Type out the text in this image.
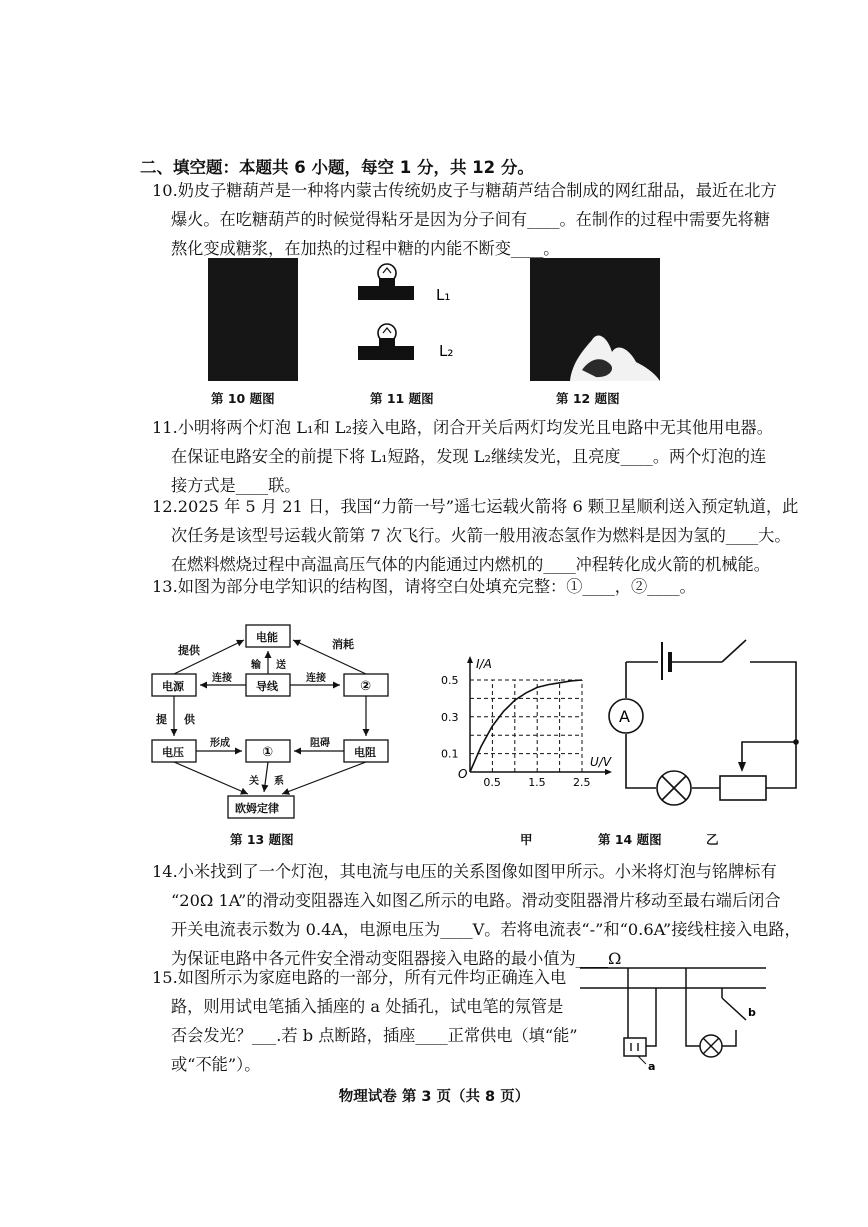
二、填空题：本题共 6 小题，每空 1 分，共 12 分。
10.奶皮子糖葫芦是一种将内蒙古传统奶皮子与糖葫芦结合制成的网红甜品，最近在北方
爆火。在吃糖葫芦的时候觉得粘牙是因为分子间有____。在制作的过程中需要先将糖
熬化变成糖浆，在加热的过程中糖的内能不断变____。
第 10 题图
L₁
L₂
第 11 题图	第 12 题图
11.小明将两个灯泡 L₁和 L₂接入电路，闭合开关后两灯均发光且电路中无其他用电器。
在保证电路安全的前提下将 L₁短路，发现 L₂继续发光，且亮度____。两个灯泡的连
接方式是____联。
12.2025 年 5 月 21 日，我国“力箭一号”遥七运载火箭将 6 颗卫星顺利送入预定轨道，此
次任务是该型号运载火箭第 7 次飞行。火箭一般用液态氢作为燃料是因为氢的____大。
在燃料燃烧过程中高温高压气体的内能通过内燃机的____冲程转化成火箭的机械能。
13.如图为部分电学知识的结构图，请将空白处填充完整：①____，②____。
电能
电源	导线	②
电压	①	电阻
欧姆定律
提供	消耗
输 送
连接	连接
提 供
形成	阻碍
关 系
第 13 题图
0.5 1.5 2.5
0.1
0.3
0.5
I/A
U/V
O
甲	第 14 题图	乙
A
14.小米找到了一个灯泡，其电流与电压的关系图像如图甲所示。小米将灯泡与铭牌标有
“20Ω 1A”的滑动变阻器连入如图乙所示的电路。滑动变阻器滑片移动至最右端后闭合
开关电流表示数为 0.4A，电源电压为____V。若将电流表“-”和“0.6A”接线柱接入电路，
为保证电路中各元件安全滑动变阻器接入电路的最小值为____Ω
15.如图所示为家庭电路的一部分，所有元件均正确连入电
路，则用试电笔插入插座的 a 处插孔，试电笔的氖管是
否会发光？___.若 b 点断路，插座____正常供电（填“能”
或“不能”）。	a
b
物理试卷 第 3 页（共 8 页）
